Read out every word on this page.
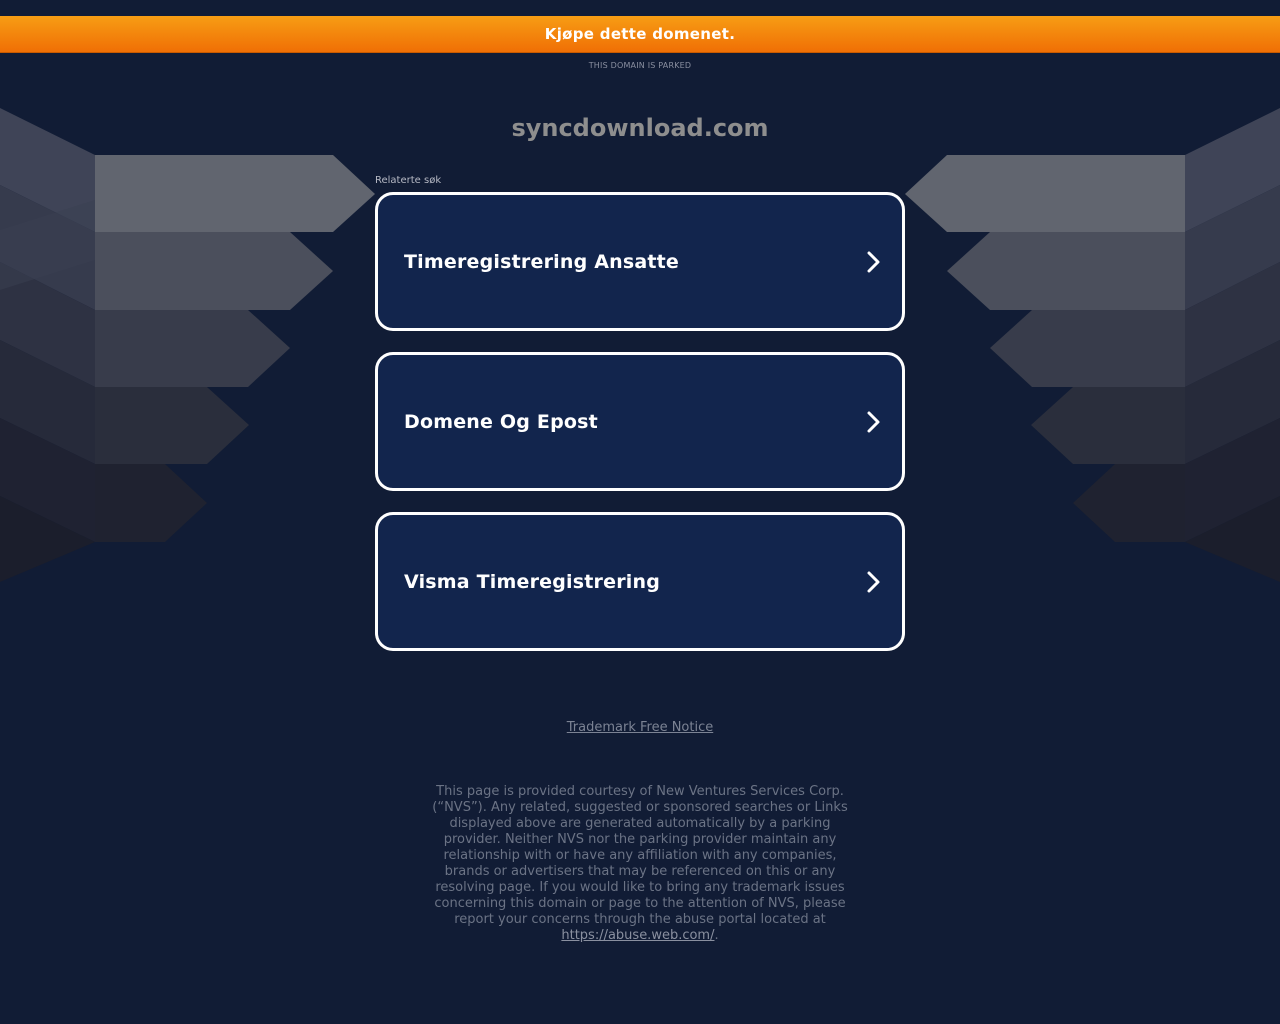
Kjøpe dette domenet.
THIS DOMAIN IS PARKED
syncdownload.com
Relaterte søk
Timeregistrering Ansatte
Domene Og Epost
Visma Timeregistrering
Trademark Free Notice
This page is provided courtesy of New Ventures Services Corp. (“NVS”). Any related, suggested or sponsored searches or Links displayed above are generated automatically by a parking provider. Neither NVS nor the parking provider maintain any relationship with or have any affiliation with any companies, brands or advertisers that may be referenced on this or any resolving page. If you would like to bring any trademark issues concerning this domain or page to the attention of NVS, please report your concerns through the abuse portal located at https://abuse.web.com/.
